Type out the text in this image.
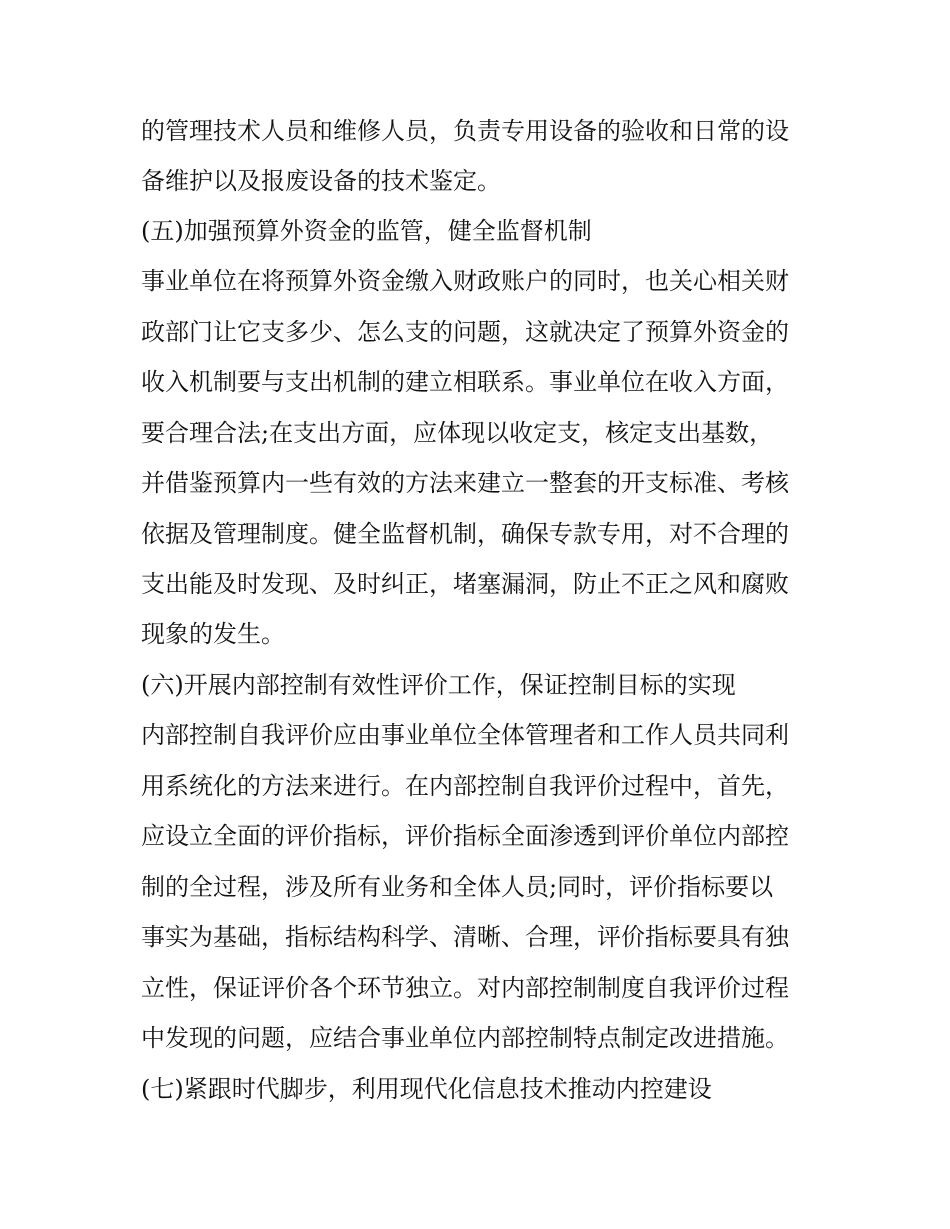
的管理技术人员和维修人员，负责专用设备的验收和日常的设
备维护以及报废设备的技术鉴定。
(五)加强预算外资金的监管，健全监督机制
事业单位在将预算外资金缴入财政账户的同时，也关心相关财
政部门让它支多少、怎么支的问题，这就决定了预算外资金的
收入机制要与支出机制的建立相联系。事业单位在收入方面，
要合理合法;在支出方面，应体现以收定支，核定支出基数，
并借鉴预算内一些有效的方法来建立一整套的开支标准、考核
依据及管理制度。健全监督机制，确保专款专用，对不合理的
支出能及时发现、及时纠正，堵塞漏洞，防止不正之风和腐败
现象的发生。
(六)开展内部控制有效性评价工作，保证控制目标的实现
内部控制自我评价应由事业单位全体管理者和工作人员共同利
用系统化的方法来进行。在内部控制自我评价过程中，首先，
应设立全面的评价指标，评价指标全面渗透到评价单位内部控
制的全过程，涉及所有业务和全体人员;同时，评价指标要以
事实为基础，指标结构科学、清晰、合理，评价指标要具有独
立性，保证评价各个环节独立。对内部控制制度自我评价过程
中发现的问题，应结合事业单位内部控制特点制定改进措施。
(七)紧跟时代脚步，利用现代化信息技术推动内控建设
